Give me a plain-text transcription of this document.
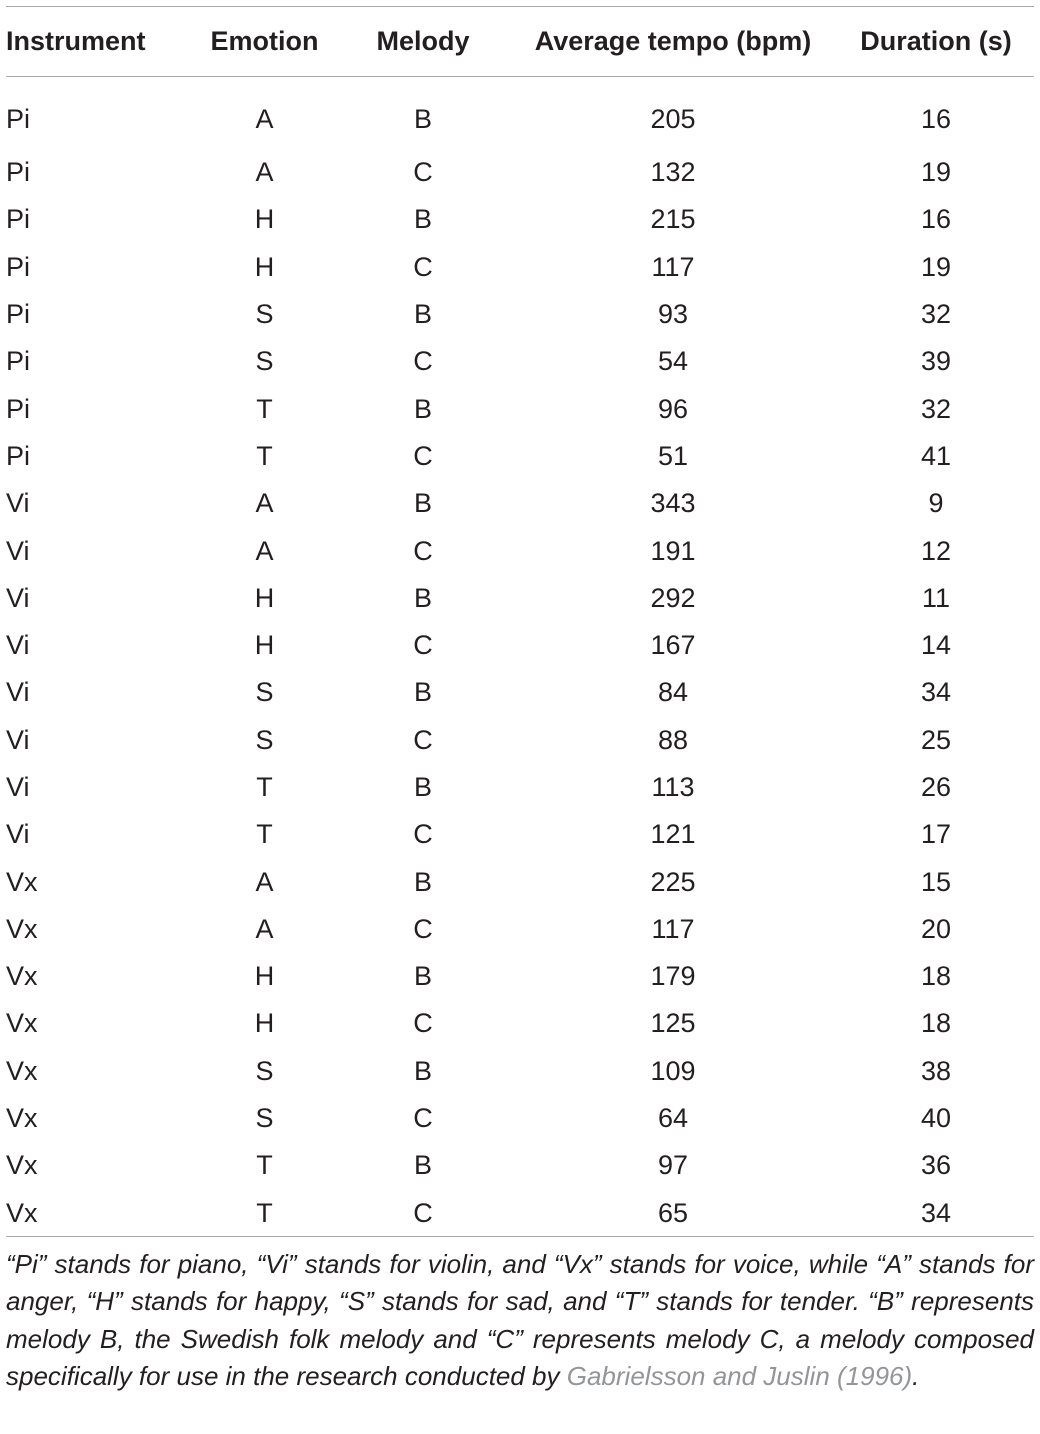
Instrument	Emotion	Melody	Average tempo (bpm)	Duration (s)
Pi	A	B	205	16
Pi	A	C	132	19
Pi	H	B	215	16
Pi	H	C	117	19
Pi	S	B	93	32
Pi	S	C	54	39
Pi	T	B	96	32
Pi	T	C	51	41
Vi	A	B	343	9
Vi	A	C	191	12
Vi	H	B	292	11
Vi	H	C	167	14
Vi	S	B	84	34
Vi	S	C	88	25
Vi	T	B	113	26
Vi	T	C	121	17
Vx	A	B	225	15
Vx	A	C	117	20
Vx	H	B	179	18
Vx	H	C	125	18
Vx	S	B	109	38
Vx	S	C	64	40
Vx	T	B	97	36
Vx	T	C	65	34

“Pi” stands for piano, “Vi” stands for violin, and “Vx” stands for voice, while “A” stands for anger, “H” stands for happy, “S” stands for sad, and “T” stands for tender. “B” represents melody B, the Swedish folk melody and “C” represents melody C, a melody composed specifically for use in the research conducted by Gabrielsson and Juslin (1996).
